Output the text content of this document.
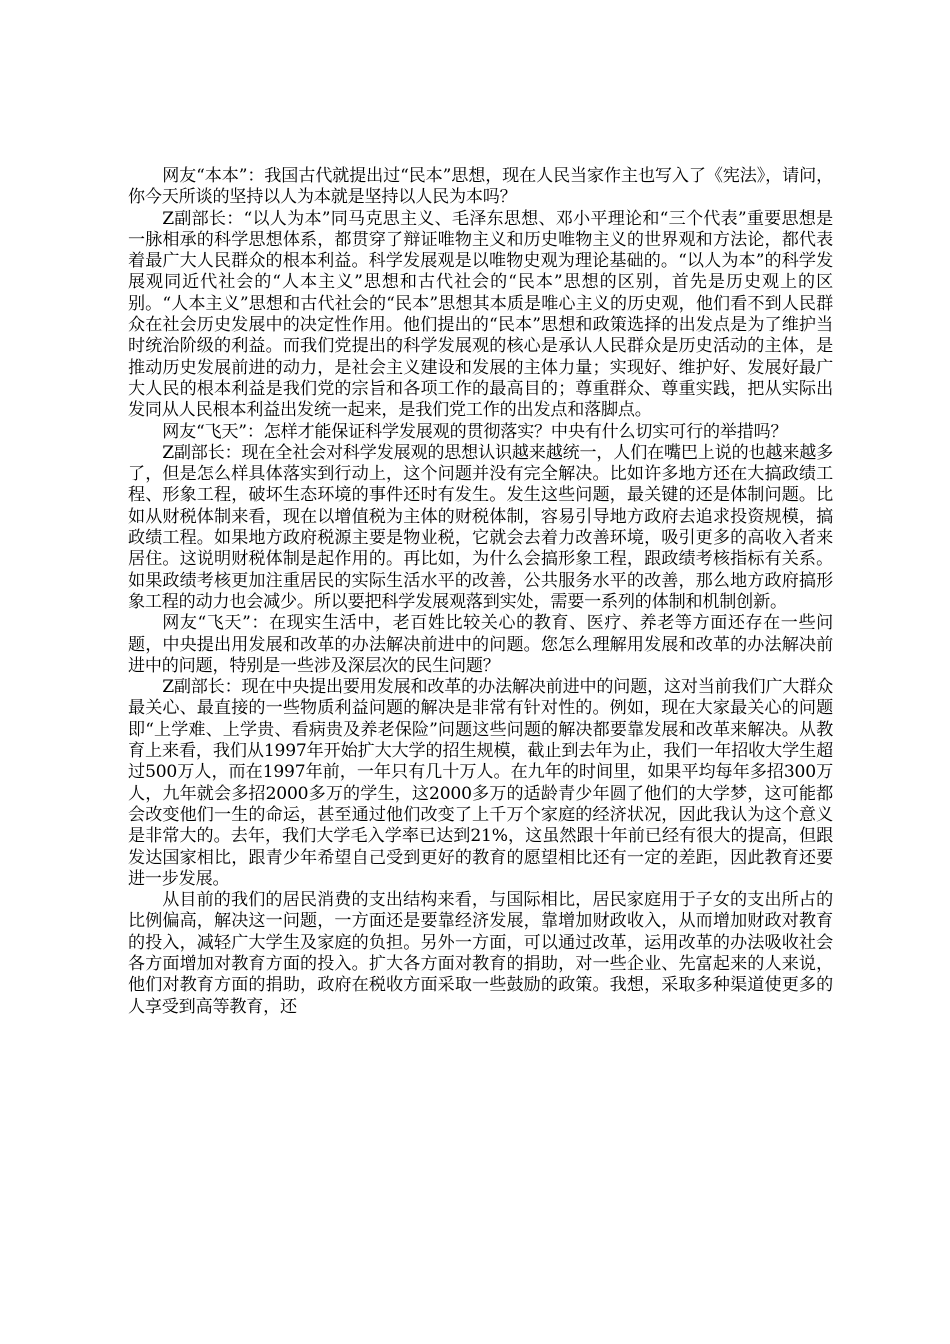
网友“本本”：我国古代就提出过“民本”思想，现在人民当家作主也写入了《宪法》，请问，你今天所谈的坚持以人为本就是坚持以人民为本吗？

Z副部长：“以人为本”同马克思主义、毛泽东思想、邓小平理论和“三个代表”重要思想是一脉相承的科学思想体系，都贯穿了辩证唯物主义和历史唯物主义的世界观和方法论，都代表着最广大人民群众的根本利益。科学发展观是以唯物史观为理论基础的。“以人为本”的科学发展观同近代社会的“人本主义”思想和古代社会的“民本”思想的区别，首先是历史观上的区别。“人本主义”思想和古代社会的“民本”思想其本质是唯心主义的历史观，他们看不到人民群众在社会历史发展中的决定性作用。他们提出的“民本”思想和政策选择的出发点是为了维护当时统治阶级的利益。而我们党提出的科学发展观的核心是承认人民群众是历史活动的主体，是推动历史发展前进的动力，是社会主义建设和发展的主体力量；实现好、维护好、发展好最广大人民的根本利益是我们党的宗旨和各项工作的最高目的；尊重群众、尊重实践，把从实际出发同从人民根本利益出发统一起来，是我们党工作的出发点和落脚点。

网友“飞天”：怎样才能保证科学发展观的贯彻落实？中央有什么切实可行的举措吗？

Z副部长：现在全社会对科学发展观的思想认识越来越统一，人们在嘴巴上说的也越来越多了，但是怎么样具体落实到行动上，这个问题并没有完全解决。比如许多地方还在大搞政绩工程、形象工程，破坏生态环境的事件还时有发生。发生这些问题，最关键的还是体制问题。比如从财税体制来看，现在以增值税为主体的财税体制，容易引导地方政府去追求投资规模，搞政绩工程。如果地方政府税源主要是物业税，它就会去着力改善环境，吸引更多的高收入者来居住。这说明财税体制是起作用的。再比如，为什么会搞形象工程，跟政绩考核指标有关系。如果政绩考核更加注重居民的实际生活水平的改善，公共服务水平的改善，那么地方政府搞形象工程的动力也会减少。所以要把科学发展观落到实处，需要一系列的体制和机制创新。

网友“飞天”：在现实生活中，老百姓比较关心的教育、医疗、养老等方面还存在一些问题，中央提出用发展和改革的办法解决前进中的问题。您怎么理解用发展和改革的办法解决前进中的问题，特别是一些涉及深层次的民生问题？

Z副部长：现在中央提出要用发展和改革的办法解决前进中的问题，这对当前我们广大群众最关心、最直接的一些物质利益问题的解决是非常有针对性的。例如，现在大家最关心的问题即“上学难、上学贵、看病贵及养老保险”问题这些问题的解决都要靠发展和改革来解决。从教育上来看，我们从1997年开始扩大大学的招生规模，截止到去年为止，我们一年招收大学生超过500万人，而在1997年前，一年只有几十万人。在九年的时间里，如果平均每年多招300万人，九年就会多招2000多万的学生，这2000多万的适龄青少年圆了他们的大学梦，这可能都会改变他们一生的命运，甚至通过他们改变了上千万个家庭的经济状况，因此我认为这个意义是非常大的。去年，我们大学毛入学率已达到21%，这虽然跟十年前已经有很大的提高，但跟发达国家相比，跟青少年希望自己受到更好的教育的愿望相比还有一定的差距，因此教育还要进一步发展。

从目前的我们的居民消费的支出结构来看，与国际相比，居民家庭用于子女的支出所占的比例偏高，解决这一问题，一方面还是要靠经济发展，靠增加财政收入，从而增加财政对教育的投入，减轻广大学生及家庭的负担。另外一方面，可以通过改革，运用改革的办法吸收社会各方面增加对教育方面的投入。扩大各方面对教育的捐助，对一些企业、先富起来的人来说，他们对教育方面的捐助，政府在税收方面采取一些鼓励的政策。我想，采取多种渠道使更多的人享受到高等教育，还
